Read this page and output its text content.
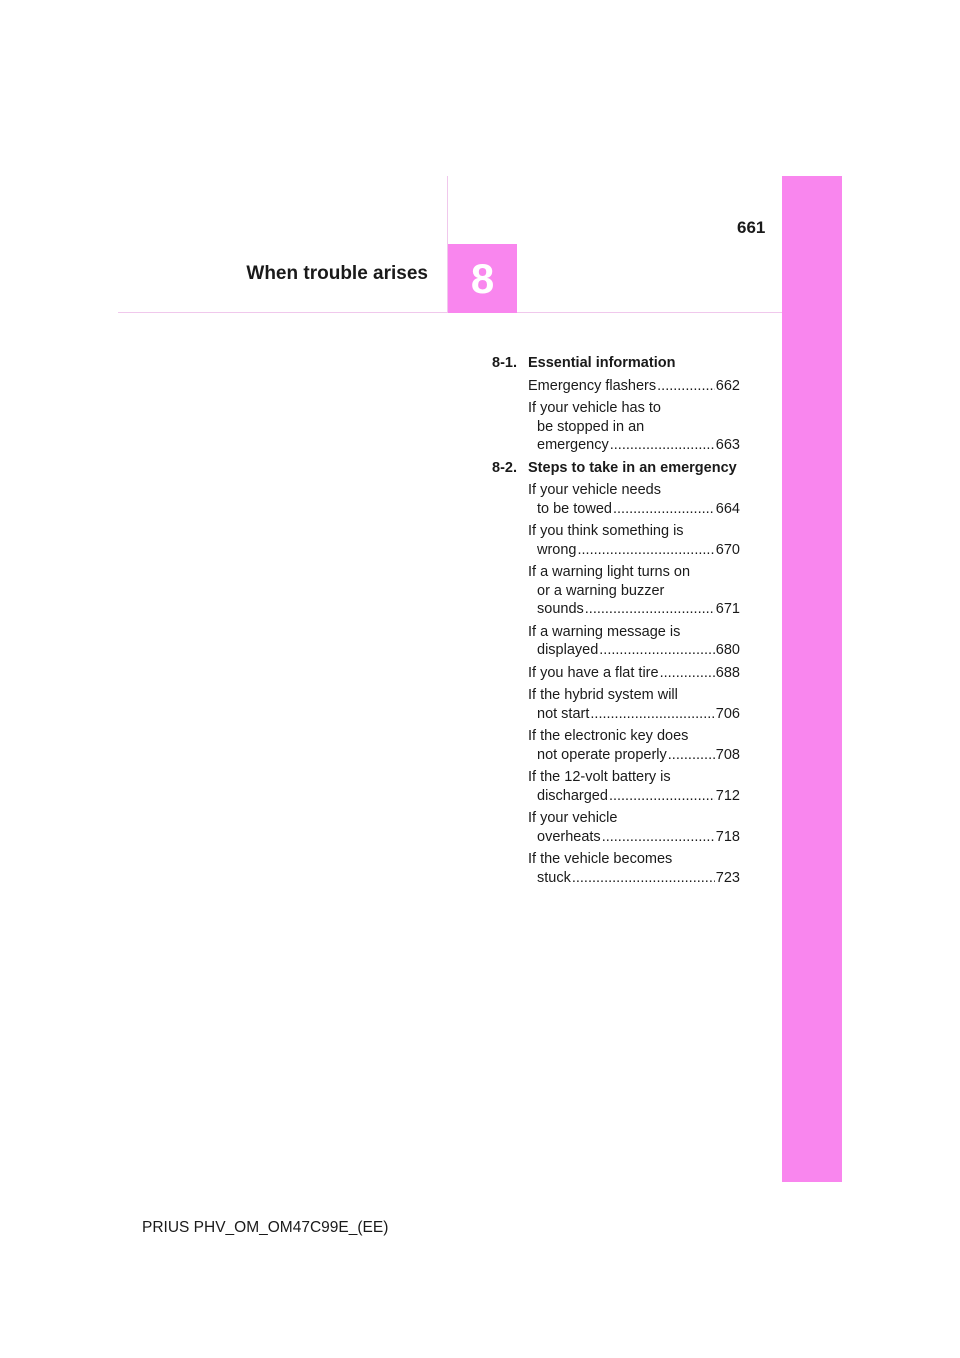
661
When trouble arises 8
8-1. Essential information
Emergency flashers .....	662
If your vehicle has to
be stopped in an
emergency .....	663
8-2. Steps to take in an emergency
If your vehicle needs
to be towed .....	664
If you think something is
wrong .....	670
If a warning light turns on
or a warning buzzer
sounds .....	671
If a warning message is
displayed .....	680
If you have a flat tire .....	688
If the hybrid system will
not start .....	706
If the electronic key does
not operate properly .....	708
If the 12-volt battery is
discharged .....	712
If your vehicle
overheats .....	718
If the vehicle becomes
stuck .....	723
PRIUS PHV_OM_OM47C99E_(EE)
